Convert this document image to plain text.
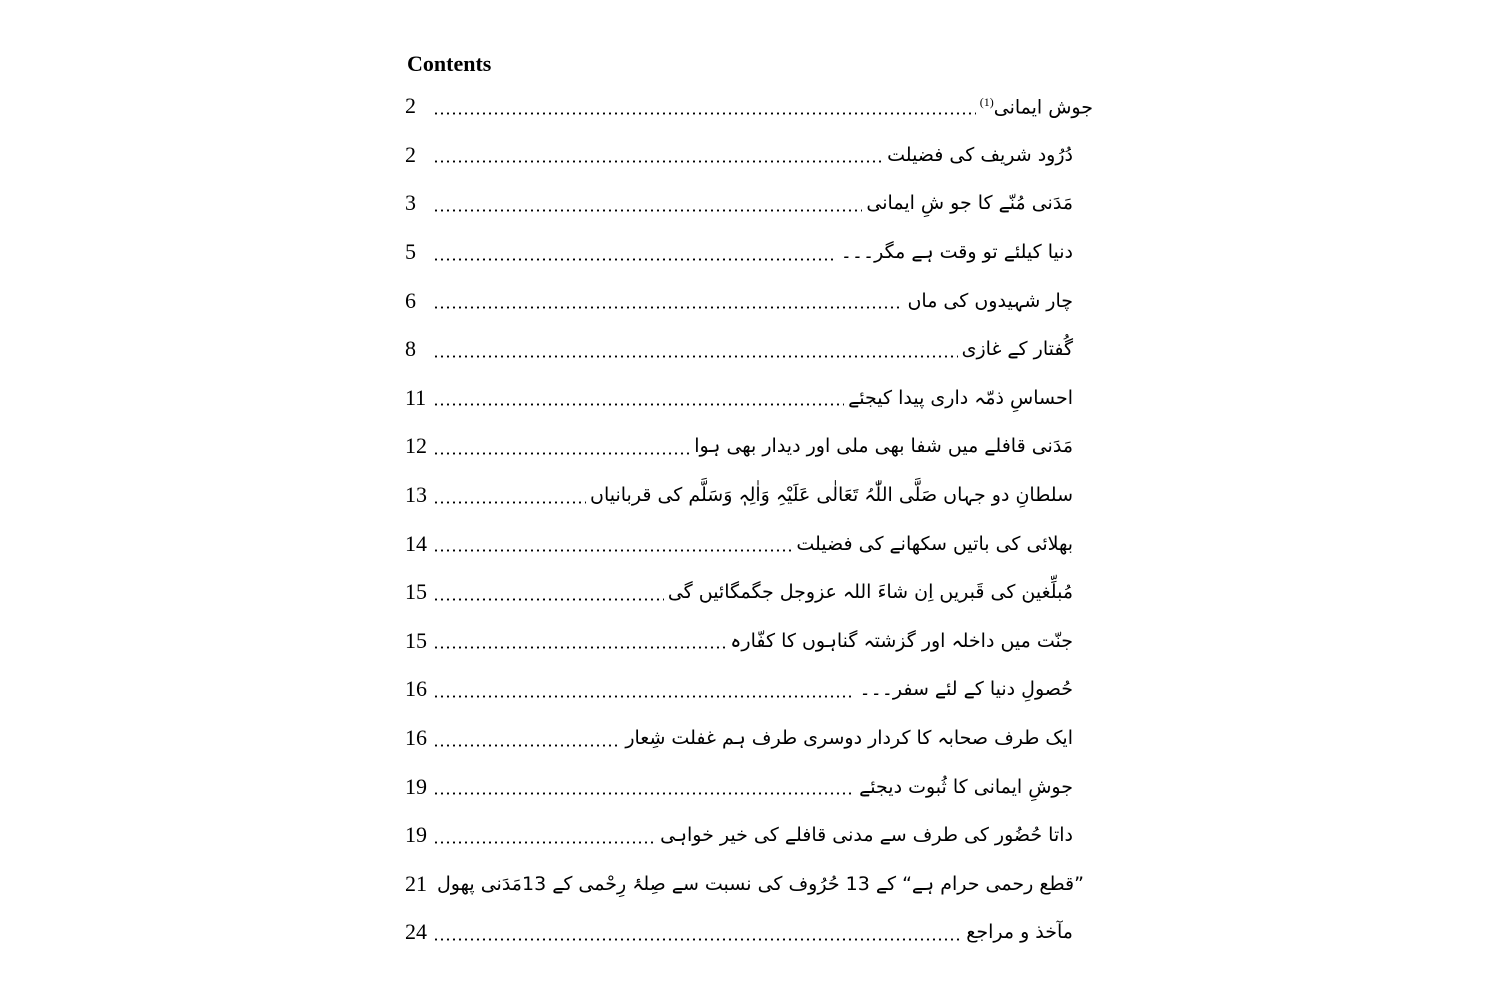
Contents
2	جوش ایمانی$^{(1)}$
2	دُرُود شریف کی فضیلت
3	مَدَنی مُنّے کا جو شِ ایمانی
5	دنیا کیلئے تو وقت ہے مگر۔۔۔
6	چار شہیدوں کی ماں
8	گُفتار کے غازی
11	احساسِ ذمّہ داری پیدا کیجئے
12	مَدَنی قافلے میں شفا بھی ملی اور دیدار بھی ہوا
13	سلطانِ دو جہاں صَلَّی اللّٰہُ تَعَالٰی عَلَیْہِ وَاٰلِہٖ وَسَلَّم کی قربانیاں
14	بھلائی کی باتیں سکھانے کی فضیلت
15	مُبلِّغین کی قَبریں اِن شاءَ اللہ عزوجل جگمگائیں گی
15	جنّت میں داخلہ اور گزشتہ گناہوں کا کفّارہ
16	حُصولِ دنیا کے لئے سفر۔۔۔
16	ایک طرف صحابہ کا کردار دوسری طرف ہم غفلت شِعار
19	جوشِ ایمانی کا ثُبوت دیجئے
19	داتا حُضُور کی طرف سے مدنی قافلے کی خیر خواہی
21 ”قطع رحمی حرام ہے“ کے 13 حُرُوف کی نسبت سے صِلۂ رِحْمی کے 13مَدَنی پھول
24	مآخذ و مراجع
